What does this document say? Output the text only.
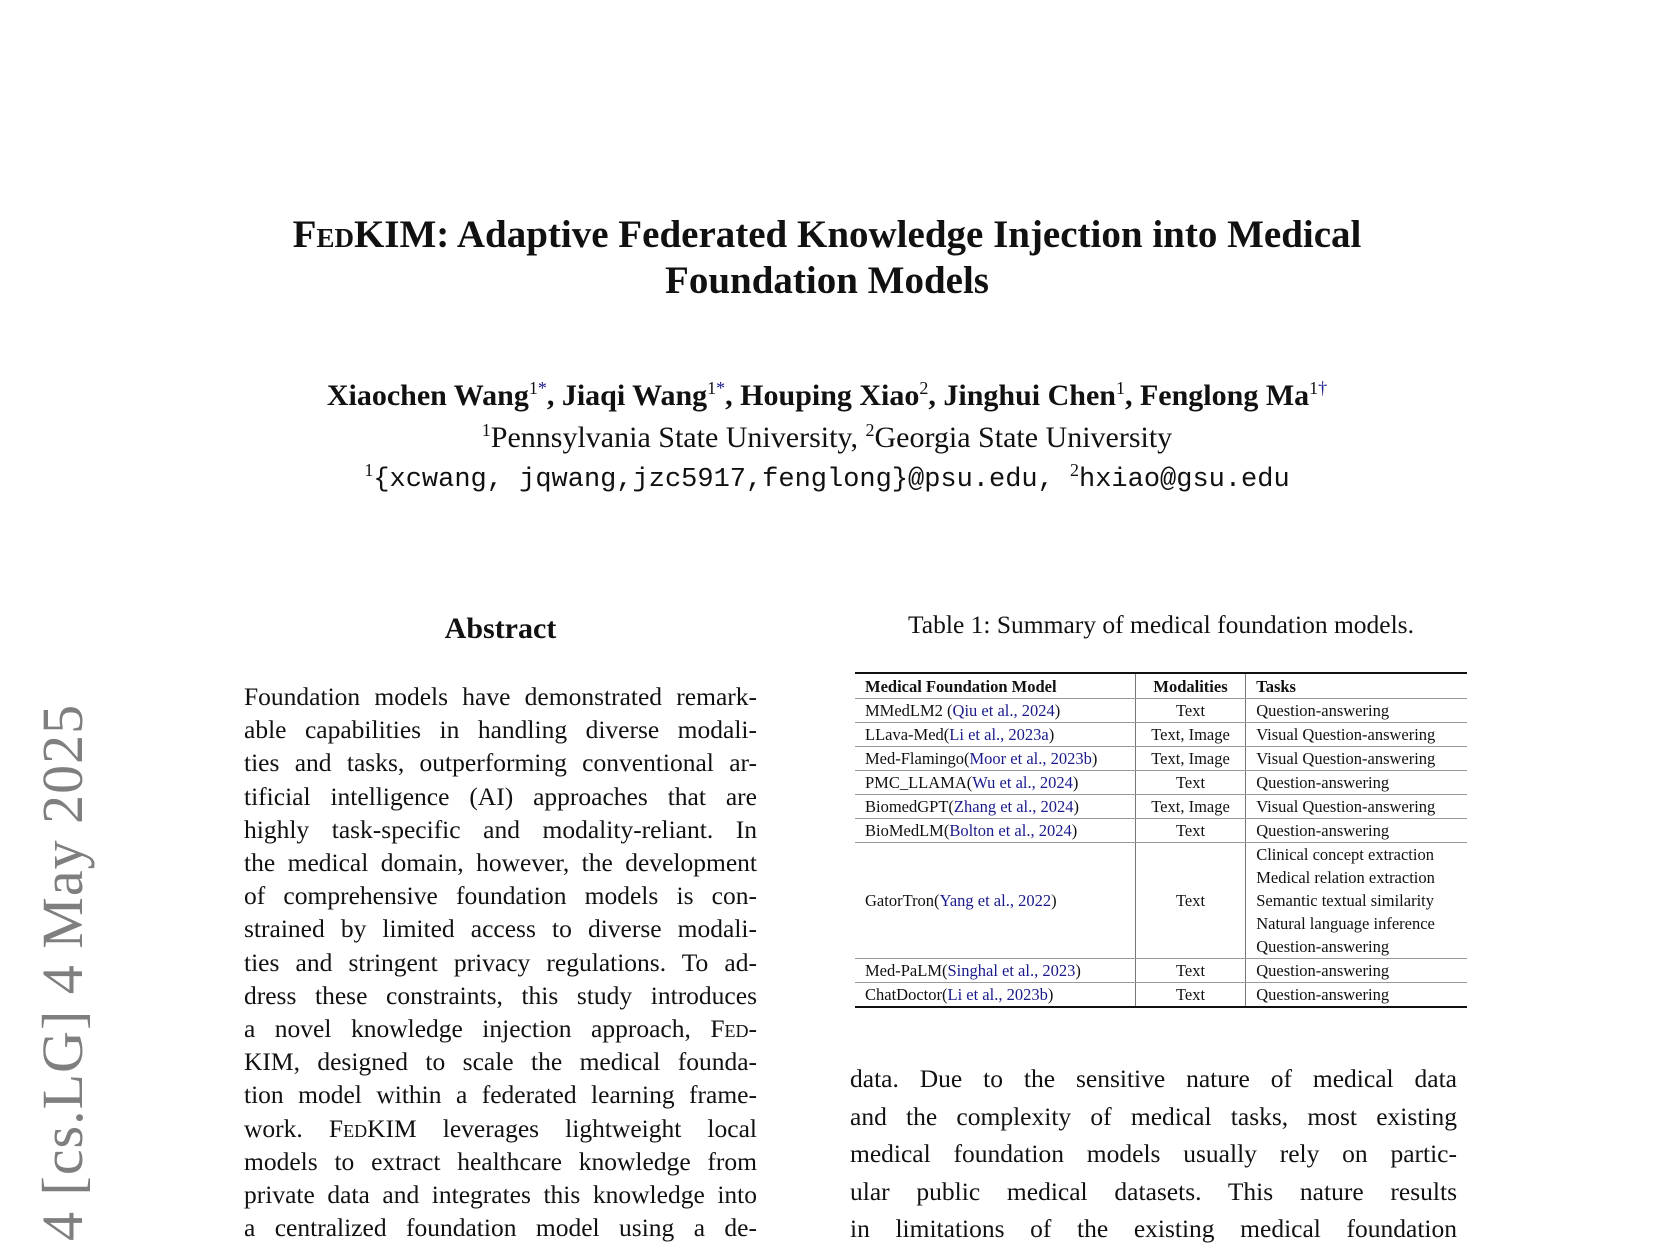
4 [cs.LG] 4 May 2025
FedKIM: Adaptive Federated Knowledge Injection into Medical
Foundation Models
Xiaochen Wang$^{1*}$, Jiaqi Wang$^{1*}$, Houping Xiao$^2$, Jinghui Chen$^1$, Fenglong $Ma^{1\dagger}$
$^1$Pennsylvania State University, $^2$Georgia State University
$^1${xcwang, jqwang,jzc5917,fenglong}@psu.edu, $^2$hxiao@gsu.edu
Abstract
Foundation models have demonstrated remark-
able capabilities in handling diverse modali-
ties and tasks, outperforming conventional ar-
tificial intelligence (AI) approaches that are
highly task-specific and modality-reliant. In
the medical domain, however, the development
of comprehensive foundation models is con-
strained by limited access to diverse modali-
ties and stringent privacy regulations. To ad-
dress these constraints, this study introduces
a novel knowledge injection approach, Fed-
KIM, designed to scale the medical founda-
tion model within a federated learning frame-
work. FedKIM leverages lightweight local
models to extract healthcare knowledge from
private data and integrates this knowledge into
a centralized foundation model using a de-
Table 1: Summary of medical foundation models.
Medical Foundation Model	Modalities	Tasks
MMedLM2 (Qiu et al., 2024)	Text	Question-answering

LLava-Med(Li et al., 2023a)	Text, Image	Visual Question-answering

Med-Flamingo(Moor et al., 2023b)	Text, Image	Visual Question-answering

PMC_LLAMA(Wu et al., 2024)	Text	Question-answering

BiomedGPT(Zhang et al., 2024)	Text, Image	Visual Question-answering

BioMedLM(Bolton et al., 2024)	Text	Question-answering

GatorTron(Yang et al., 2022)	Text	Clinical concept extraction
Medical relation extraction
Semantic textual similarity
Natural language inference
Question-answering

Med-PaLM(Singhal et al., 2023)	Text	Question-answering

ChatDoctor(Li et al., 2023b)	Text	Question-answering
data. Due to the sensitive nature of medical data
and the complexity of medical tasks, most existing
medical foundation models usually rely on partic-
ular public medical datasets. This nature results
in limitations of the existing medical foundation
